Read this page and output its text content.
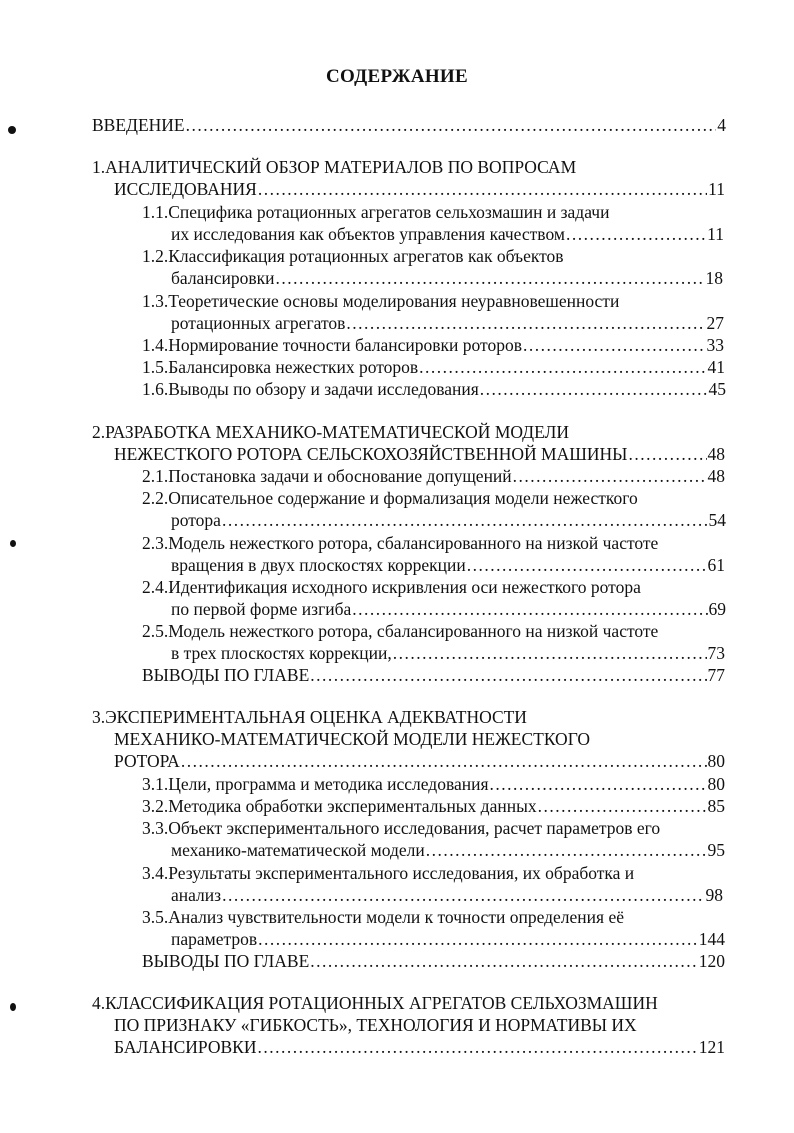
СОДЕРЖАНИЕ
ВВЕДЕНИЕ .....	4
1.АНАЛИТИЧЕСКИЙ ОБЗОР МАТЕРИАЛОВ ПО ВОПРОСАМ
ИССЛЕДОВАНИЯ .....	11
1.1.Специфика ротационных агрегатов сельхозмашин и задачи
их исследования как объектов управления качеством .....	11
1.2.Классификация ротационных агрегатов как объектов
балансировки .....	18
1.3.Теоретические основы моделирования неуравновешенности
ротационных агрегатов .....	27
1.4.Нормирование точности балансировки роторов .....	33
1.5.Балансировка нежестких роторов .....	41
1.6.Выводы по обзору и задачи исследования .....	45
2.РАЗРАБОТКА МЕХАНИКО-МАТЕМАТИЧЕСКОЙ МОДЕЛИ
НЕЖЕСТКОГО РОТОРА СЕЛЬСКОХОЗЯЙСТВЕННОЙ МАШИНЫ .....	48
2.1.Постановка задачи и обоснование допущений .....	48
2.2.Описательное содержание и формализация модели нежесткого
ротора .....	54
2.3.Модель нежесткого ротора, сбалансированного на низкой частоте
вращения в двух плоскостях коррекции .....	61
2.4.Идентификация исходного искривления оси нежесткого ротора
по первой форме изгиба .....	69
2.5.Модель нежесткого ротора, сбалансированного на низкой частоте
в трех плоскостях коррекции, .....	73
ВЫВОДЫ ПО ГЛАВЕ .....	77
3.ЭКСПЕРИМЕНТАЛЬНАЯ ОЦЕНКА АДЕКВАТНОСТИ
МЕХАНИКО-МАТЕМАТИЧЕСКОЙ МОДЕЛИ НЕЖЕСТКОГО
РОТОРА .....	80
3.1.Цели, программа и методика исследования .....	80
3.2.Методика обработки экспериментальных данных .....	85
3.3.Объект экспериментального исследования, расчет параметров его
механико-математической модели .....	95
3.4.Результаты экспериментального исследования, их обработка и
анализ .....	98
3.5.Анализ чувствительности модели к точности определения её
параметров .....	144
ВЫВОДЫ ПО ГЛАВЕ .....	120
4.КЛАССИФИКАЦИЯ РОТАЦИОННЫХ АГРЕГАТОВ СЕЛЬХОЗМАШИН
ПО ПРИЗНАКУ «ГИБКОСТЬ», ТЕХНОЛОГИЯ И НОРМАТИВЫ ИХ
БАЛАНСИРОВКИ .....	121
